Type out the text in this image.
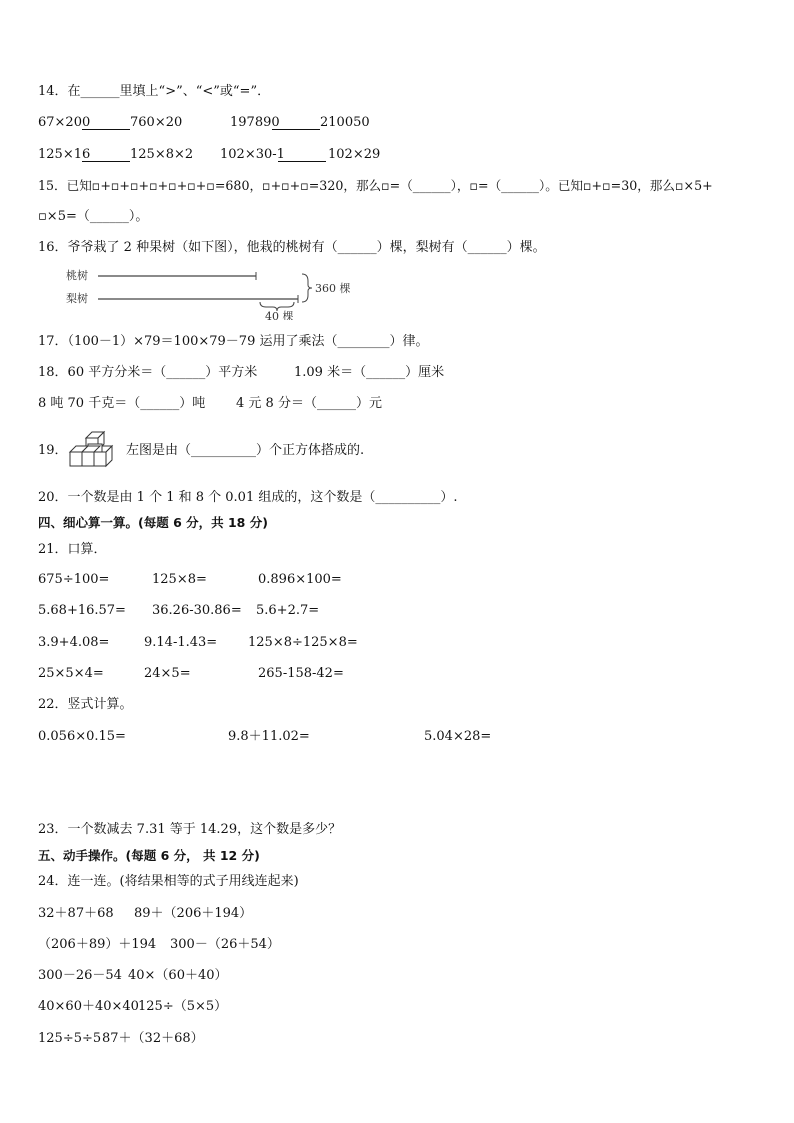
14．在______里填上“>”、“<”或“=”．
67×200	760×20	197890	210050
125×16	125×8×2 102×30-1	102×29
15．已知▫+▫+▫+▫+▫+▫+▫=680，▫+▫+▫=320，那么▫=（______），▫=（______）。已知▫+▫=30，那么▫×5+
▫×5=（______）。
16．爷爷栽了 2 种果树（如下图），他栽的桃树有（______）棵，梨树有（______）棵。
桃树
梨树
360 棵
40 棵
17．（100－1）×79＝100×79－79 运用了乘法（________）律。
18．60 平方分米＝（______）平方米	1.09 米＝（______）厘米
8 吨 70 千克＝（______）吨 4 元 8 分＝（______）元
19．	左图是由（__________）个正方体搭成的.
20．一个数是由 1 个 1 和 8 个 0.01 组成的，这个数是（__________）.
四、细心算一算。(每题 6 分，共 18 分)
21．口算．
675÷100=	125×8=	0.896×100=
5.68+16.57= 36.26-30.86= 5.6+2.7=
3.9+4.08=	9.14-1.43= 125×8÷125×8=
25×5×4=	24×5=	265-158-42=
22．竖式计算。
0.056×0.15=	9.8＋11.02=	5.04×28=
23．一个数减去 7.31 等于 14.29，这个数是多少？
五、动手操作。(每题 6 分， 共 12 分)
24．连一连。(将结果相等的式子用线连起来)
32＋87＋68 89＋（206＋194）
（206＋89）＋194 300－（26＋54）
300－26－54 40×（60＋40）
40×60＋40×40 125÷（5×5）
125÷5÷5 87＋（32＋68）
